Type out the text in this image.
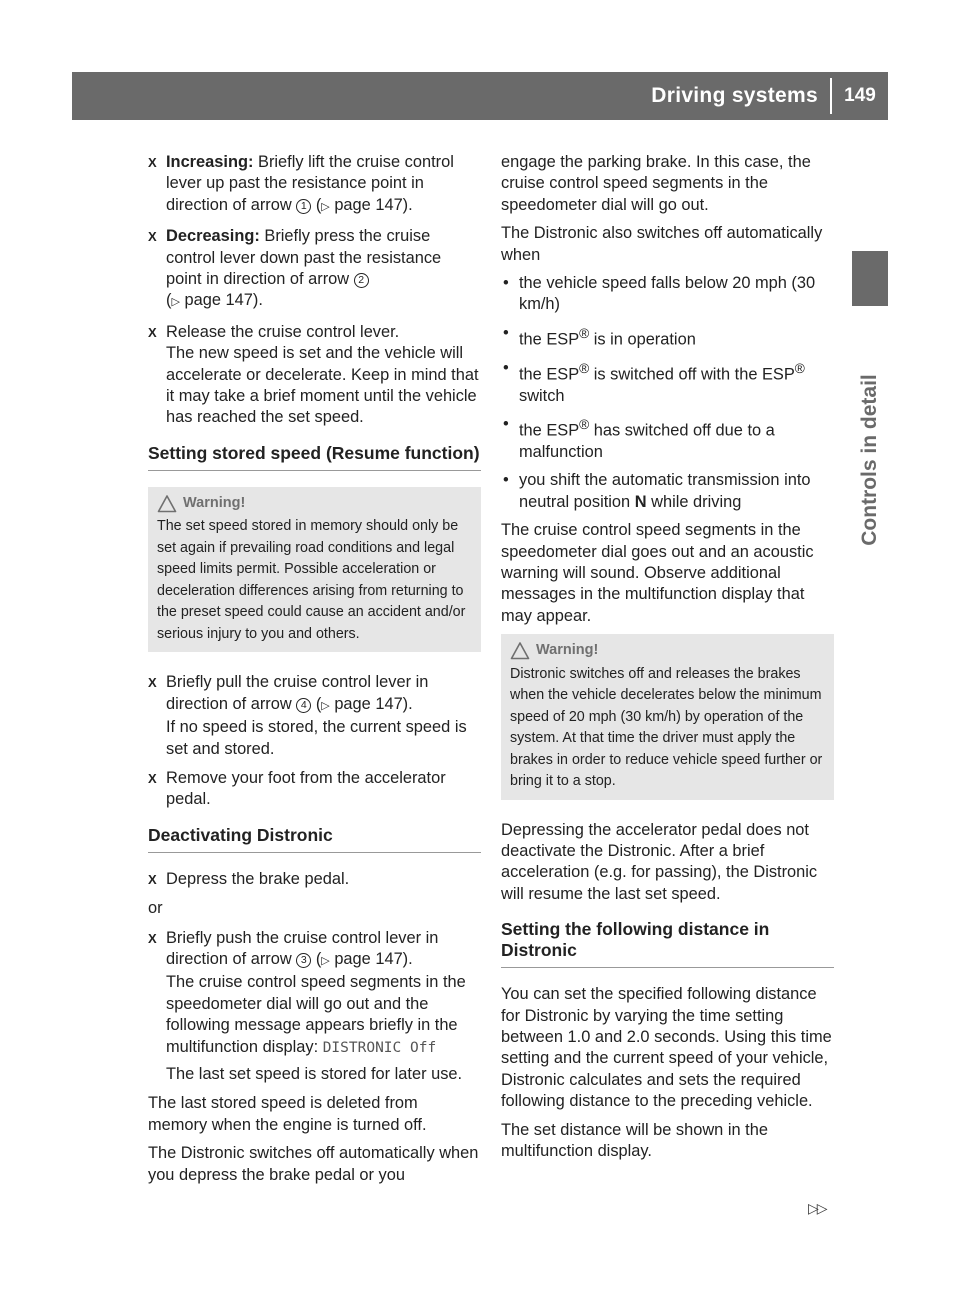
Driving systems	149
Controls in detail
X Increasing: Briefly lift the cruise control lever up past the resistance point in direction of arrow 1 (▷ page 147).
X Decreasing: Briefly press the cruise control lever down past the resistance point in direction of arrow 2
(▷ page 147).
X Release the cruise control lever.
The new speed is set and the vehicle will accelerate or decelerate. Keep in mind that it may take a brief moment until the vehicle has reached the set speed.
Setting stored speed (Resume function)
Warning!
The set speed stored in memory should only be set again if prevailing road conditions and legal speed limits permit. Possible acceleration or deceleration differences arising from returning to the preset speed could cause an accident and/or serious injury to you and others.
X Briefly pull the cruise control lever in direction of arrow 4 (▷ page 147).
If no speed is stored, the current speed is set and stored.
X Remove your foot from the accelerator pedal.
Deactivating Distronic
X Depress the brake pedal.
or
X Briefly push the cruise control lever in direction of arrow 3 (▷ page 147).
The cruise control speed segments in the speedometer dial will go out and the following message appears briefly in the multifunction display: DISTRONIC Off
The last set speed is stored for later use.
The last stored speed is deleted from memory when the engine is turned off.
The Distronic switches off automatically when you depress the brake pedal or you
engage the parking brake. In this case, the cruise control speed segments in the speedometer dial will go out.
The Distronic also switches off automatically when
• the vehicle speed falls below 20 mph (30 km/h)
• the ESP® is in operation
• the ESP® is switched off with the ESP®
switch
• the ESP® has switched off due to a malfunction
• you shift the automatic transmission into neutral position N while driving
The cruise control speed segments in the speedometer dial goes out and an acoustic warning will sound. Observe additional messages in the multifunction display that may appear.
Warning!
Distronic switches off and releases the brakes when the vehicle decelerates below the minimum speed of 20 mph (30 km/h) by operation of the system. At that time the driver must apply the brakes in order to reduce vehicle speed further or bring it to a stop.
Depressing the accelerator pedal does not deactivate the Distronic. After a brief acceleration (e.g. for passing), the Distronic will resume the last set speed.
Setting the following distance in Distronic
You can set the specified following distance for Distronic by varying the time setting between 1.0 and 2.0 seconds. Using this time setting and the current speed of your vehicle, Distronic calculates and sets the required following distance to the preceding vehicle.
The set distance will be shown in the multifunction display.
▷▷
